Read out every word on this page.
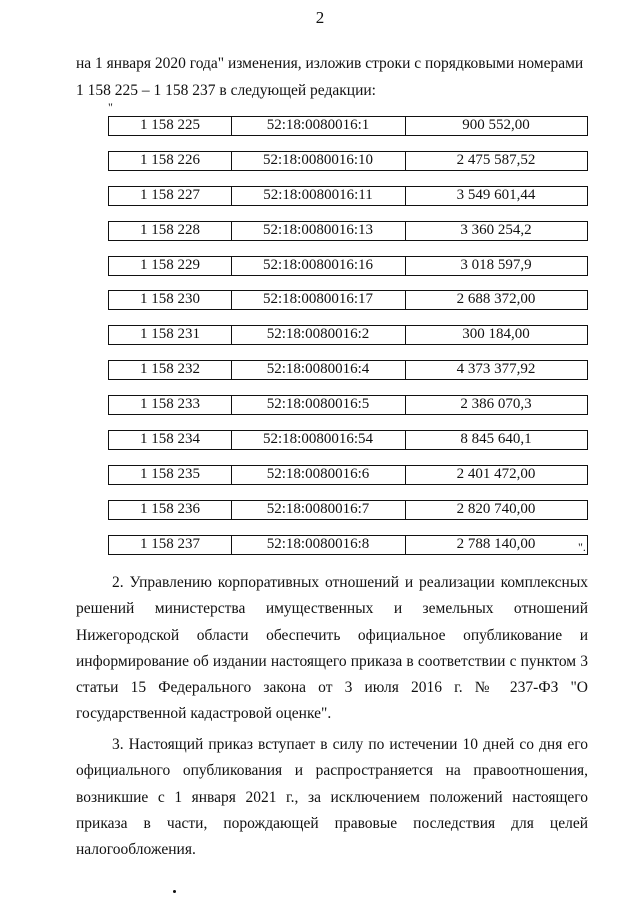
2
на 1 января 2020 года" изменения, изложив строки с порядковыми номерами 1 158 225 – 1 158 237 в следующей редакции:
"
1 158 225	52:18:0080016:1	900 552,00
1 158 226	52:18:0080016:10	2 475 587,52
1 158 227	52:18:0080016:11	3 549 601,44
1 158 228	52:18:0080016:13	3 360 254,2
1 158 229	52:18:0080016:16	3 018 597,9
1 158 230	52:18:0080016:17	2 688 372,00
1 158 231	52:18:0080016:2	300 184,00
1 158 232	52:18:0080016:4	4 373 377,92
1 158 233	52:18:0080016:5	2 386 070,3
1 158 234	52:18:0080016:54	8 845 640,1
1 158 235	52:18:0080016:6	2 401 472,00
1 158 236	52:18:0080016:7	2 820 740,00
1 158 237	52:18:0080016:8	2 788 140,00	".

2. Управлению корпоративных отношений и реализации комплексных решений министерства имущественных и земельных отношений Нижегородской области обеспечить официальное опубликование и информирование об издании настоящего приказа в соответствии с пунктом 3 статьи 15 Федерального закона от 3 июля 2016 г. № 237-ФЗ "О государственной кадастровой оценке".

3. Настоящий приказ вступает в силу по истечении 10 дней со дня его официального опубликования и распространяется на правоотношения, возникшие с 1 января 2021 г., за исключением положений настоящего приказа в части, порождающей правовые последствия для целей налогообложения.
